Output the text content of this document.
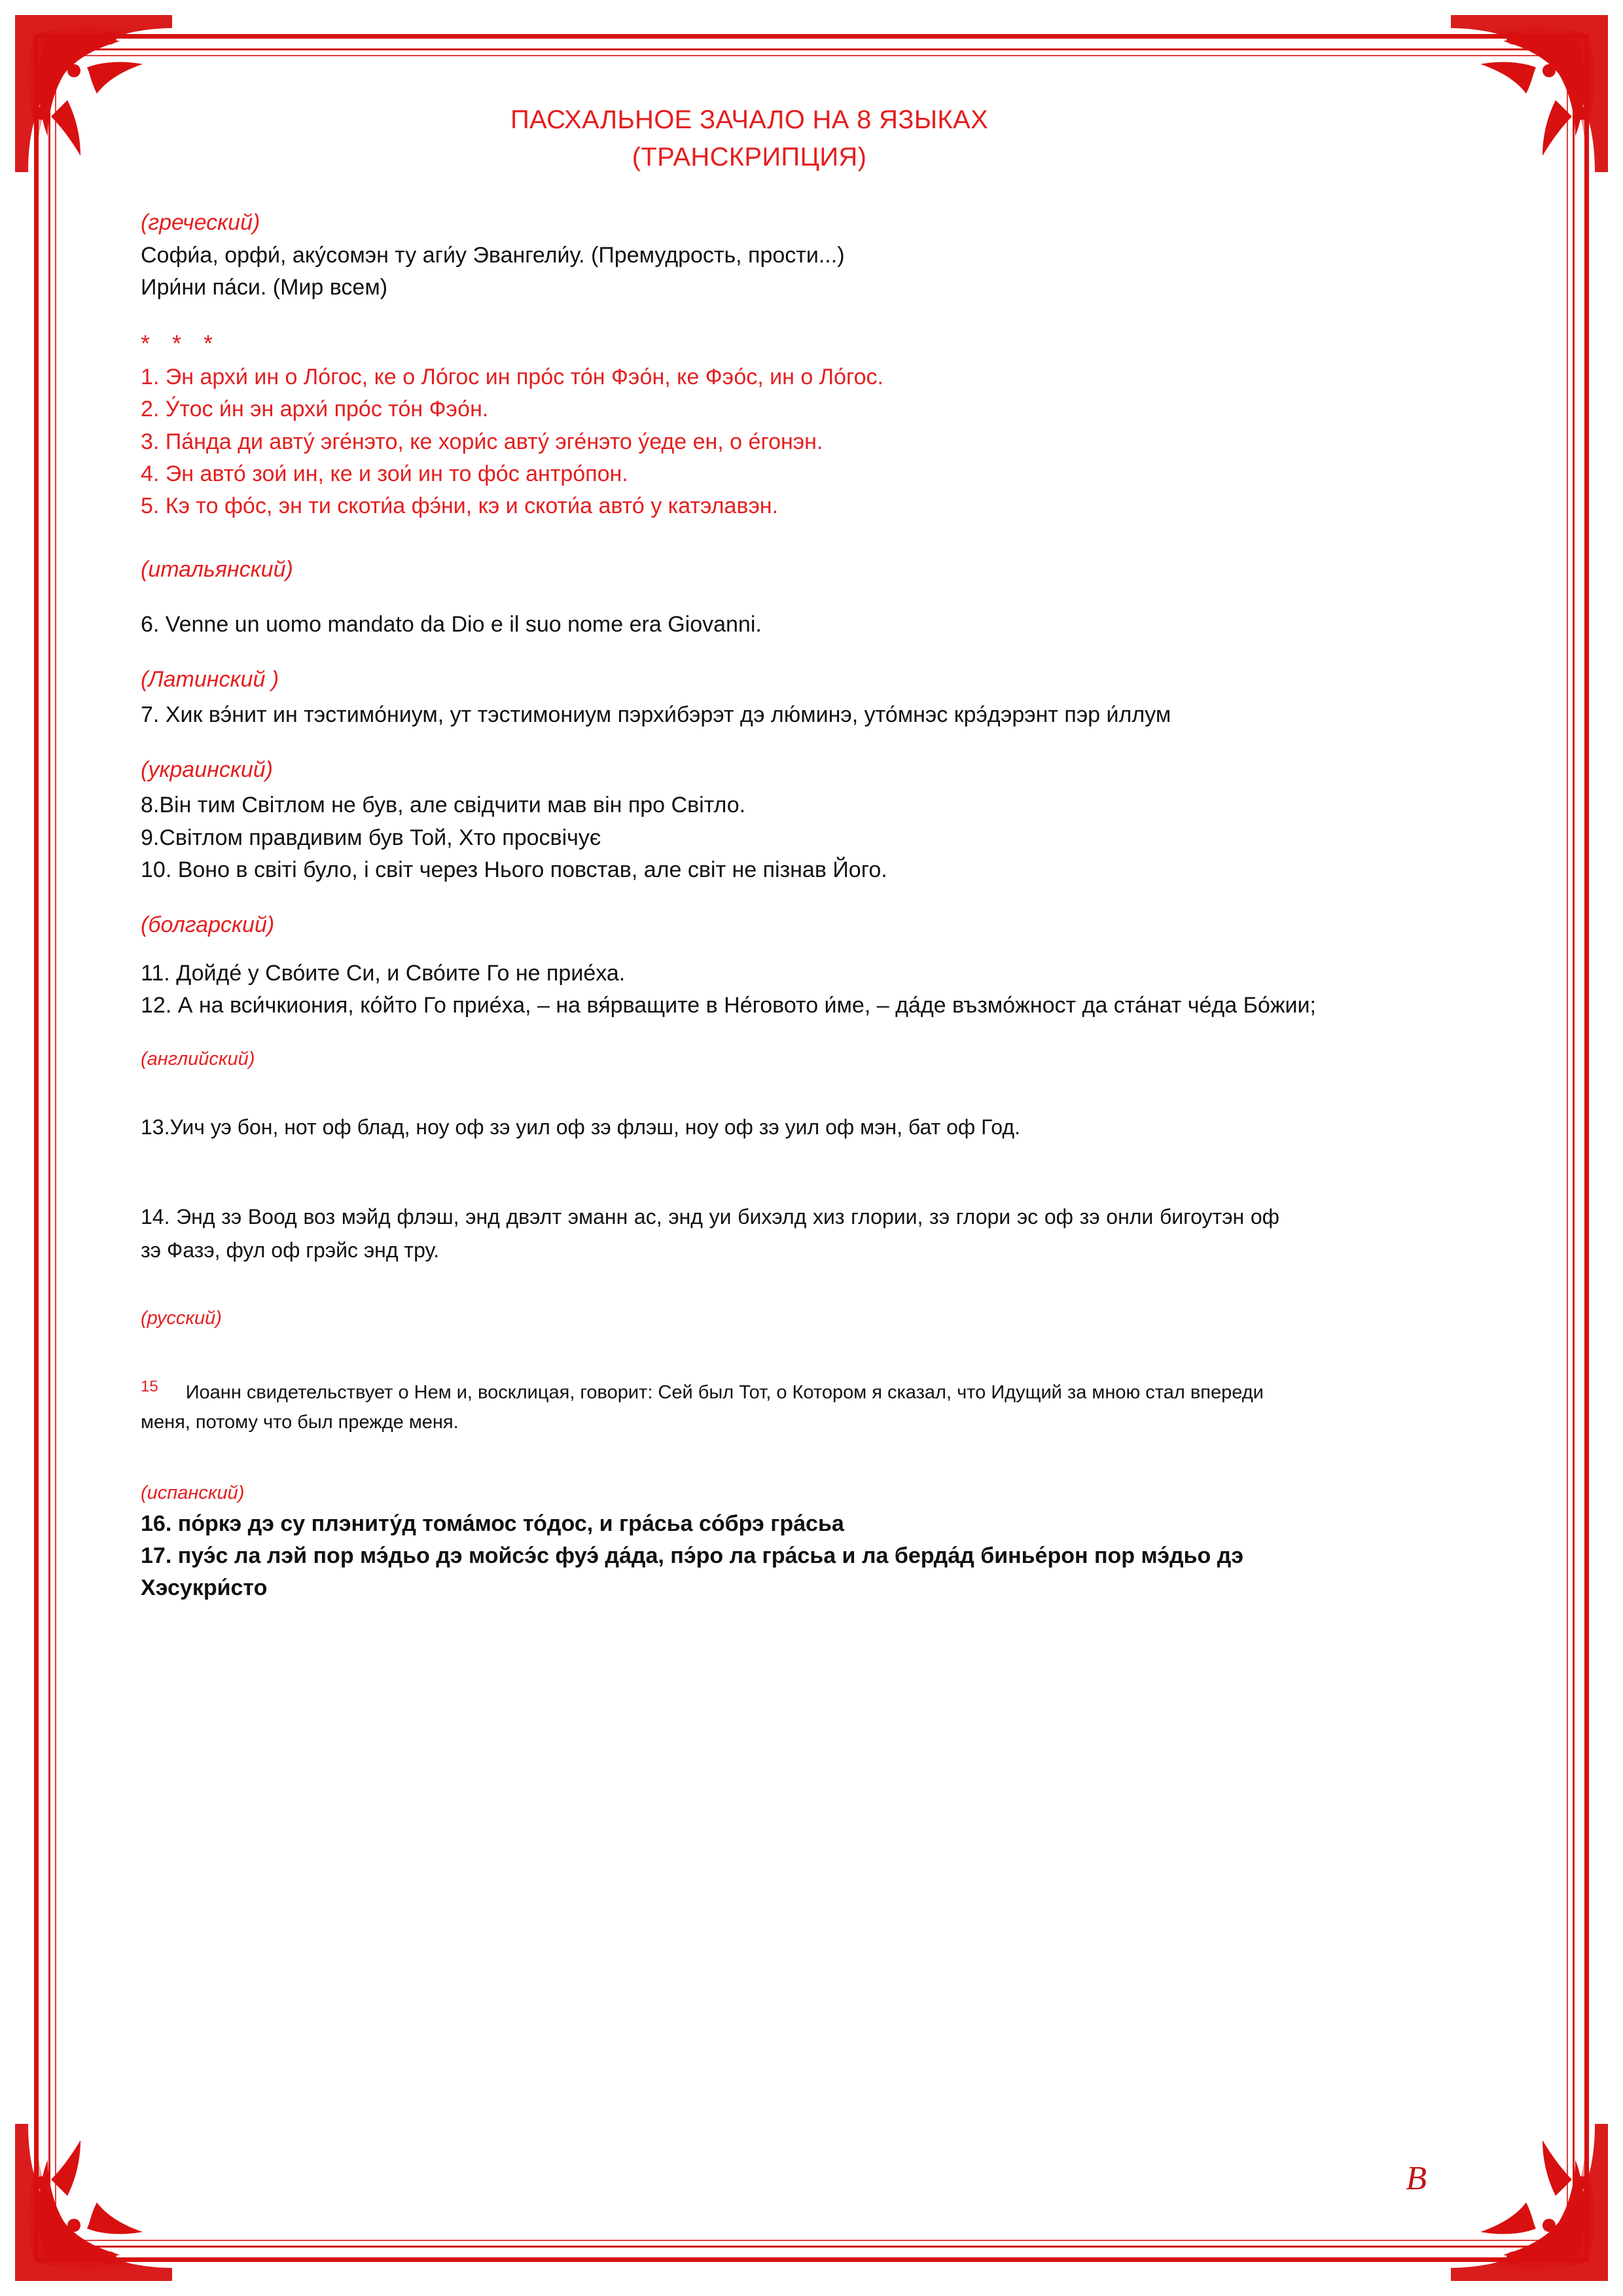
ПАСХАЛЬНОЕ ЗАЧАЛО НА 8 ЯЗЫКАХ
(ТРАНСКРИПЦИЯ)

(греческий)

Софи́а, орфи́, аку́сомэн ту аги́у Эвангели́у. (Премудрость, прости...)

Ири́ни па́си. (Мир всем)

* * *

1. Эн архи́ ин о Ло́гос, ке о Ло́гос ин про́с то́н Фэо́н, ке Фэо́с, ин о Ло́гос.

2. У́тос и́н эн архи́ про́с то́н Фэо́н.

3. Па́нда ди авту́ эге́нэто, ке хори́с авту́ эге́нэто у́еде ен, о е́гонэн.

4. Эн авто́ зои́ ин, ке и зои́ ин то фо́с антро́пон.

5. Кэ то фо́с, эн ти скоти́а фэ́ни, кэ и скоти́а авто́ у катэлавэн.

(итальянский)

6. Venne un uomo mandato da Dio e il suo nome era Giovanni.

(Латинский )

7. Хик вэ́нит ин тэстимо́ниум, ут тэстимониум пэрхи́бэрэт дэ лю́минэ, уто́мнэс крэ́дэрэнт пэр и́ллум

(украинский)

8.Він тим Світлом не був, але свідчити мав він про Світло.

9.Світлом правдивим був Той, Хто просвічує

10. Воно в світі було, і світ через Нього повстав, але світ не пізнав Його.

(болгарский)

11. Дойде́ у Сво́ите Си, и Сво́ите Го не прие́ха.

12. А на вси́чкиония, ко́йто Го прие́ха, – на вя́рващите в Не́говото и́ме, – да́де възмо́жност да ста́нат че́да Бо́жии;

(английский)

13.Уич уэ бон, нот оф блад, ноу оф зэ уил оф зэ флэш, ноу оф зэ уил оф мэн, бат оф Год.

14. Энд зэ Воод воз мэйд флэш, энд двэлт эманн ас, энд уи бихэлд хиз глории, зэ глори эс оф зэ онли бигоутэн оф зэ Фазэ, фул оф грэйс энд тру.

(русский)

$^{15}$ Иоанн свидетельствует о Нем и, восклицая, говорит: Сей был Тот, о Котором я сказал, что Идущий за мною стал впереди меня, потому что был прежде меня.

(испанский)

16. по́ркэ дэ су плэниту́д тома́мос то́дос, и гра́сьа со́брэ гра́сьа

17. пуэ́с ла лэй пор мэ́дьо дэ мойсэ́с фуэ́ да́да, пэ́ро ла гра́сьа и ла берда́д бинье́рон пор мэ́дьо дэ Хэсукри́сто

B
